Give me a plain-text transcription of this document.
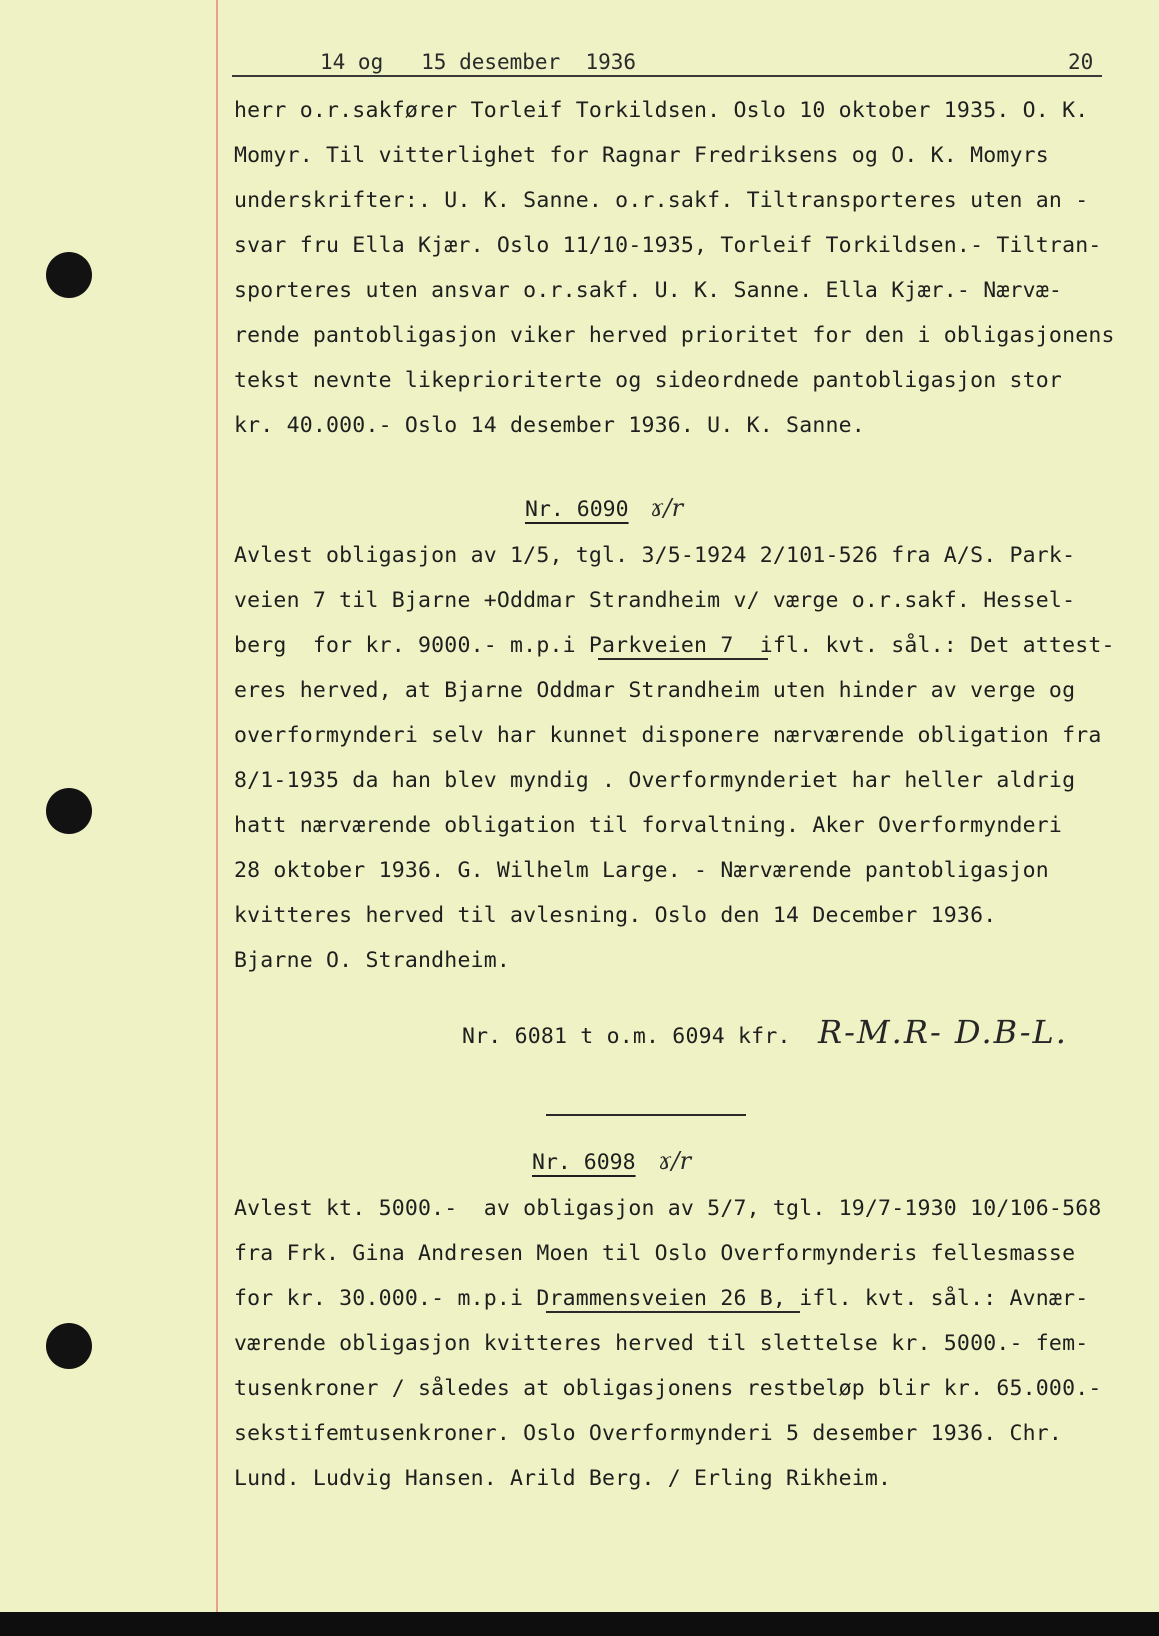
14 og   15 desember  1936	20
herr o.r.sakfører Torleif Torkildsen. Oslo 10 oktober 1935. O. K.
Momyr. Til vitterlighet for Ragnar Fredriksens og O. K. Momyrs
underskrifter:. U. K. Sanne. o.r.sakf. Tiltransporteres uten an -
svar fru Ella Kjær. Oslo 11/10-1935, Torleif Torkildsen.- Tiltran-
sporteres uten ansvar o.r.sakf. U. K. Sanne. Ella Kjær.- Nærvæ-
rende pantobligasjon viker herved prioritet for den i obligasjonens
tekst nevnte likeprioriterte og sideordnede pantobligasjon stor
kr. 40.000.- Oslo 14 desember 1936. U. K. Sanne.
Nr. 6090 ɤ/r
Avlest obligasjon av 1/5, tgl. 3/5-1924 2/101-526 fra A/S. Park-
veien 7 til Bjarne +Oddmar Strandheim v/ værge o.r.sakf. Hessel-
berg  for kr. 9000.- m.p.i Parkveien 7  ifl. kvt. sål.: Det attest-
eres herved, at Bjarne Oddmar Strandheim uten hinder av verge og
overformynderi selv har kunnet disponere nærværende obligation fra
8/1-1935 da han blev myndig . Overformynderiet har heller aldrig
hatt nærværende obligation til forvaltning. Aker Overformynderi
28 oktober 1936. G. Wilhelm Large. - Nærværende pantobligasjon
kvitteres herved til avlesning. Oslo den 14 December 1936.
Bjarne O. Strandheim.
Nr. 6081 t o.m. 6094 kfr. R-M.R- D.B-L.
Nr. 6098 ɤ/r
Avlest kt. 5000.-  av obligasjon av 5/7, tgl. 19/7-1930 10/106-568
fra Frk. Gina Andresen Moen til Oslo Overformynderis fellesmasse
for kr. 30.000.- m.p.i Drammensveien 26 B, ifl. kvt. sål.: Avnær-
værende obligasjon kvitteres herved til slettelse kr. 5000.- fem-
tusenkroner / således at obligasjonens restbeløp blir kr. 65.000.-
sekstifemtusenkroner. Oslo Overformynderi 5 desember 1936. Chr.
Lund. Ludvig Hansen. Arild Berg. / Erling Rikheim.
